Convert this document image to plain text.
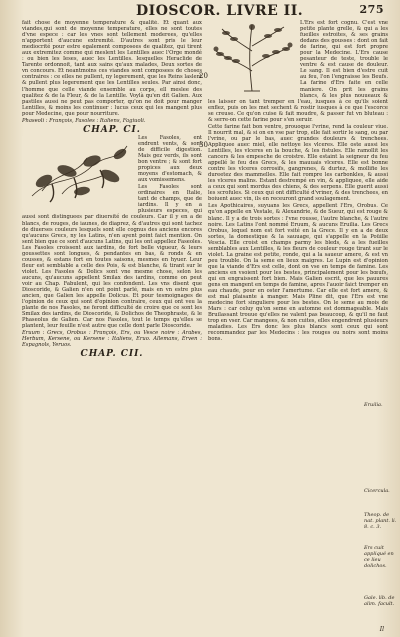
DIOSCOR. LIVRE II.	275

fait chose de moyenne temperature & qualité. Et quant aux viandes,qui sont de moyenne temperature, elles ne sont toutes d'vne espece : car les vnes sont tellement moderees, qu'elles n'apportent d'aucune extremité. D'autres sont pris le leur mediocrité pour estre egalement composees de qualitez, qui tirent aux extremitez comme qui meslent les Lentilles auec l'Orge mondé : ou bien les Ieses, auec les Lentilles. Iesquelles Heraclide de Tarente ordonnoit, tant aux sains qu'aux malades, Deux sortes de vn concours. Et neantmoins ces viandes sont composees de choses contraires : ce elles ne pullent, ny legerement, que les Reins laslent & pullent plus legerement que les Lentilles seules. Par ainsi donc, l'homme que celle viande ensemble au corps, ell meslee des qualitez & de la Fleur, & de la Lentille. Voylà qu'en dit Galien. Aux pastiles aussi ne peut pas comporter, qu'on ne doit pour manger Lentilles, & moins les continuer : lucus ceux qui les mangent plus pour Medecine, que pour nourriture.

Phaseoli : François, Fasoles : Italiens, Fagiuoli.

CHAP. CI.

Les Fasoles, ent endrent vents, & sont de difficile digestion. Mais gez verds, ils sont bon ventre ; & sont fort propices aux deux moyens d'estomach, & aux vomissemens.

Les Fasoles sont ordinaires en Italie, tant de champs, que de iardins. Il y en a plusieurs especes, qui aussi sont distinguees par diuersité de couleurs. Car il y en a de blancs, de rouges, de iaunes, de diaprez, & d'autres qui sont tachez de diuerses couleurs lesquels sont elle cognus des anciens encores qu'aucuns Grecs, ny les Latins, n'en ayent point faict mention. On sent bien que ce sont d'aucuns Latins, qui les ont appellez Faseoles. Les Fasoles croissent aux iardins, de fort belle vigueur, & leurs goussettes sont longues, & pendantes en bas, & ronds & en cousses, & estans fort en toutes saisons, mesmes en hyuer. Leur fleur est semblable a celle des Pois, & est blanche, & tirant sur le violet. Les Fasoles & Dolics sont vne mesme chose, selon les aucuns, qu'aucuns appellent Smilax des iardins, comme on peut voir au Chap. Fabulent, qui les confondent. Les vns disent que Dioscoride, & Galien n'en ont point parlé, mais en vn estre plus ancien, que Galien les appelle Dolicus. Et pour tesmoignages de l'opinion de ceux qui sont d'opinion contraire, ceux qui ont veu la plante de nos Fasoles, ne feront difficulté de croire que ce sont les Smilax des iardins, de Dioscoride, & Dolichos de Theophraste, & le Phaseolus de Galien. Car nos Fasoles, tout le temps qu'elles se plantent, leur feuille n'est autre que celle dont parle Dioscoride.

Eruum : Grecs, Orobus : François, Ers, ou Vesce noire : Arabes, Herbum, Kersene, ou Kersene : Italiens, Eruo. Allemans, Erven : Espagnols, Yeruos.

CHAP. CII.

L'Ers est fort cognu. C'est vne petite plante grelle, & qui a les fueilles estroites, & ses grains dedans des gousses : dont on fait de farine, qui est fort propre pour la Medecine. L'Ers cause pesanteur de teste, trouble le ventre & est cause de douleur. Le sang. Il est bien d'estre cuit au feu, l'on l'engraisse les Beufs. La farine d'Ers faite en celle maniere. On prit les grains blancs, & les plus nouueaux & les laisser on tant tremper en l'eau, iusques à ce qu'ils soient enflez, puis on les met sechent & rostir iusques à ce que l'escorce se creuse. Ce qu'on cuise & fait moudre, & passer fut vn bluteau : & serre-on cette farine pour s'en seruir.

Cette farine fait bon ventre, prouoque l'vrine, rend la couleur viue. Il nourrit mal, & si on en vse par trop, elle fait sortir le sang, ou par l'vrine, ou par le bas, auec grandes douleurs & trenchees. Appliquee auec miel, elle nettoye les vlceres. Elle oste aussi les Lentilles, les vlceres en la bouche, & les fistules. Elle ramollit les cancers & les empesche de croistre. Elle estaint la seigneur du feu appellé le feu des Grecs, & les mauuais vlceres. Elle est bonne contre les vlceres corrosifs, gangrenes, & durtez, & mollifie les dureetez des mammelles. Elle fait rompre les carbonkles, & aussi les vlceres malins. Estant destrempé en vin, & appliquee, elle aide a ceux qui sont mordus des chiens, & des serpens. Elle guerit aussi les scrofules. Si ceux qui ont difficulté d'vriner, & des trenchees, en boiuent auec vin, ils en receuront grand soulagement.

Les Apothicaires, suyuans les Grecs, appellent l'Ers, Orobus. Ce qu'on appelle en Vestale, & Alexandrie, & de Sueur, qui est rouge & blanc. Il y a de trois sortes : l'vne rousse, l'autre blanche, & l'autre noire. Les Latins l'ont nommé Eruum, & aucuns Eruilia. Les Grecs Orobus, lequel nom est fort vsité en la Grece. Il y en a de deux sortes, la domestique & la sauuage, qui s'appelle en la Poüille Vescia. Elle croist en champs parmy les bleds, & a les fueilles semblables aux Lentilles, & les fleurs de couleur rouge tirant sur le violet. La graine est petite, ronde, qui a la saueur amere, & est vn peu trouble. On la seme en lieux maigres. Le Lupin est d'opinion que la viande d'Ers est celle, dont on vse en temps de famine. Les anciens en vsoient pour les bestes, principalement pour les bœufs, qui en engraissent fort bien. Mais Galien escrit, que les pauures gens en mangent en temps de famine, apres l'auoir faict tremper en eau chaude, pour en oster l'amertume. Car elle est fort amere, & est mal plaisante à manger. Mais Pline dit, que l'Ers est vne medecine fort singuliere pour les bestes. On le seme au mois de Mars : car celuy qu'on seme en automne est dommageable. Mais Bruilassant trouue qu'elles ne valent pas beaucoup, & qu'il ne faut trop en vser. Car mangees, & non cuites, elles engendrent plusieurs maladies. Les Ers donc les plus blancs sont ceux qui sont recommandez par les Medecins : les rouges ou noirs sont moins bons.

20
30
Eruilia.
Cicercula.
Theop. de nat. plant. li. 8. c. 3.
Ers cuit appliqué en ce lieu dolichos.
Gale. lib. de alim. facult.
Il
